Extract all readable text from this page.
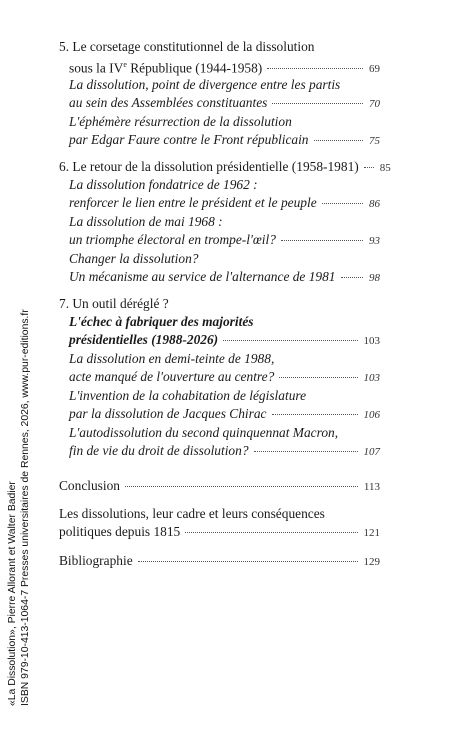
5. Le corsetage constitutionnel de la dissolution
sous la IVe République (1944-1958)	69
La dissolution, point de divergence entre les partis
au sein des Assemblées constituantes	70
L'éphémère résurrection de la dissolution
par Edgar Faure contre le Front républicain	75
6. Le retour de la dissolution présidentielle (1958-1981) 85
La dissolution fondatrice de 1962 :
renforcer le lien entre le président et le peuple	86
La dissolution de mai 1968 :
un triomphe électoral en trompe-l'œil?	93
Changer la dissolution?
Un mécanisme au service de l'alternance de 1981	98
7. Un outil déréglé ?
L'échec à fabriquer des majorités
présidentielles (1988-2026)	103
La dissolution en demi-teinte de 1988,
acte manqué de l'ouverture au centre?	103
L'invention de la cohabitation de législature
par la dissolution de Jacques Chirac	106
L'autodissolution du second quinquennat Macron,
fin de vie du droit de dissolution?	107
Conclusion	113
Les dissolutions, leur cadre et leurs conséquences
politiques depuis 1815	121
Bibliographie	129
«La Dissolution», Pierre Allorant et Walter Badier ISBN 979-10-413-1064-7 Presses universitaires de Rennes, 2026, www.pur-editions.fr
